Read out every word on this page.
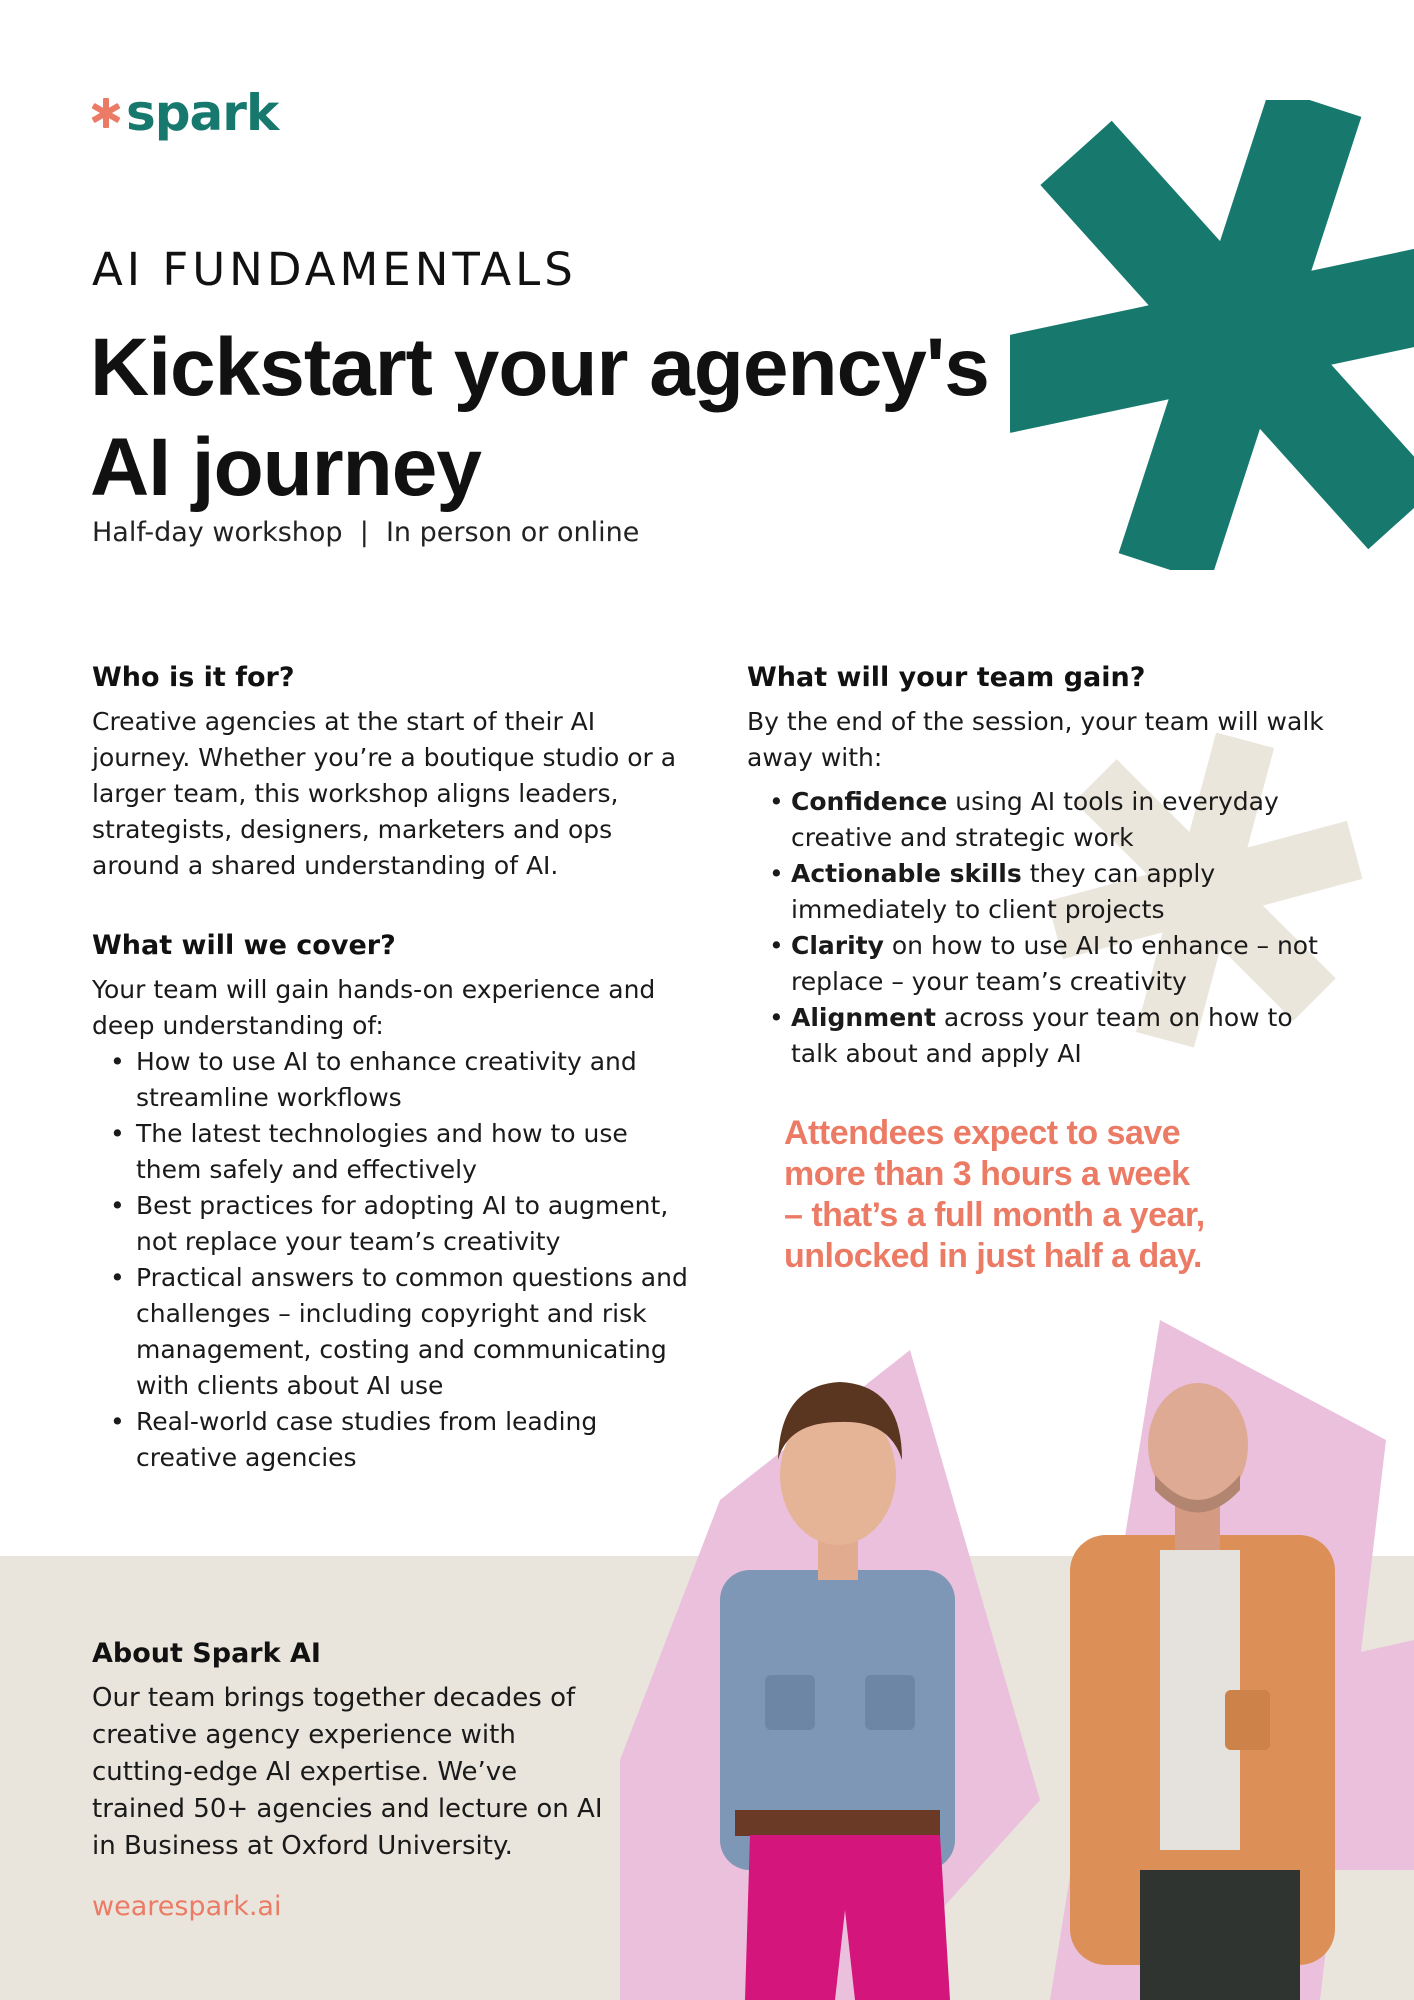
spark
AI FUNDAMENTALS
Kickstart your agency's
AI journey
Half-day workshop  |  In person or online
Who is it for?

Creative agencies at the start of their AI journey. Whether you’re a boutique studio or a larger team, this workshop aligns leaders, strategists, designers, marketers and ops around a shared understanding of AI.

What will we cover?

Your team will gain hands-on experience and deep understanding of:

• How to use AI to enhance creativity and streamline workflows
• The latest technologies and how to use them safely and effectively
• Best practices for adopting AI to augment, not replace your team’s creativity
• Practical answers to common questions and challenges – including copyright and risk management, costing and communicating with clients about AI use
• Real-world case studies from leading creative agencies
What will your team gain?

By the end of the session, your team will walk away with:

• Confidence using AI tools in everyday creative and strategic work
• Actionable skills they can apply immediately to client projects
• Clarity on how to use AI to enhance – not replace – your team’s creativity
• Alignment across your team on how to talk about and apply AI
Attendees expect to save
more than 3 hours a week
– that’s a full month a year,
unlocked in just half a day.
About Spark AI

Our team brings together decades of creative agency experience with cutting-edge AI expertise. We’ve trained 50+ agencies and lecture on AI in Business at Oxford University.

wearespark.ai
